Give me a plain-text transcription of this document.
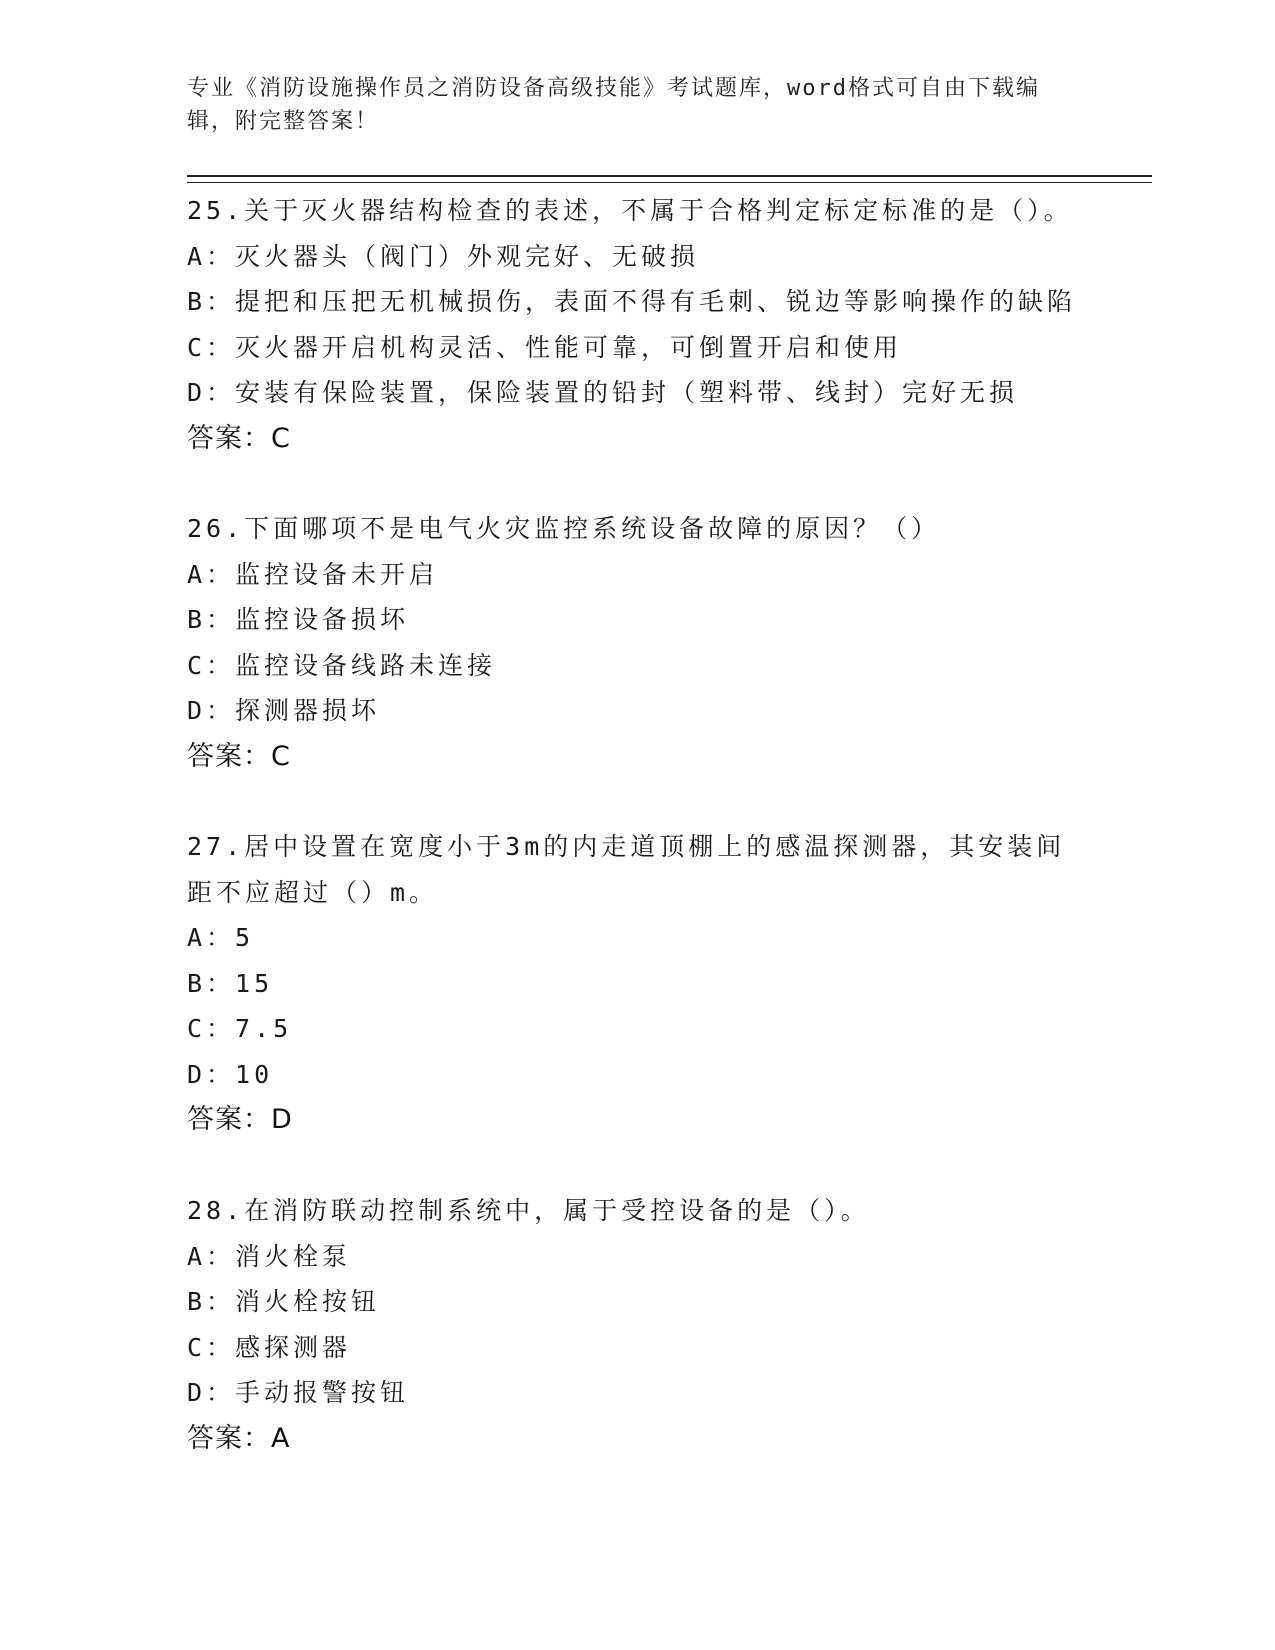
专业《消防设施操作员之消防设备高级技能》考试题库，word格式可自由下载编
辑，附完整答案！
25.关于灭火器结构检查的表述，不属于合格判定标定标准的是（）。
A：灭火器头（阀门）外观完好、无破损
B：提把和压把无机械损伤，表面不得有毛刺、锐边等影响操作的缺陷
C：灭火器开启机构灵活、性能可靠，可倒置开启和使用
D：安装有保险装置，保险装置的铅封（塑料带、线封）完好无损
答案：C
26.下面哪项不是电气火灾监控系统设备故障的原因？（）
A：监控设备未开启
B：监控设备损坏
C：监控设备线路未连接
D：探测器损坏
答案：C
27.居中设置在宽度小于3m的内走道顶棚上的感温探测器，其安装间距不应超过（）m。
A：5
B：15
C：7.5
D：10
答案：D
28.在消防联动控制系统中，属于受控设备的是（）。
A：消火栓泵
B：消火栓按钮
C：感探测器
D：手动报警按钮
答案：A
